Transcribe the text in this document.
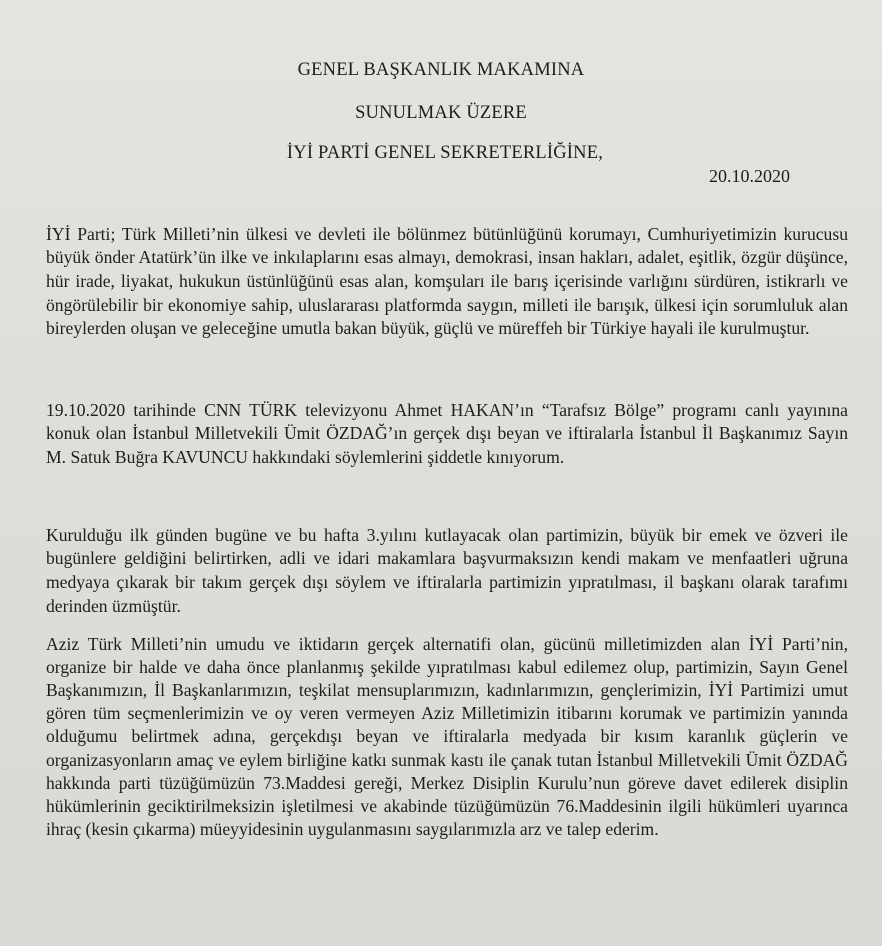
GENEL BAŞKANLIK MAKAMINA
SUNULMAK ÜZERE
İYİ PARTİ GENEL SEKRETERLİĞİNE,
20.10.2020

İYİ Parti; Türk Milleti’nin ülkesi ve devleti ile bölünmez bütünlüğünü korumayı, Cumhuriyetimizin kurucusu büyük önder Atatürk’ün ilke ve inkılaplarını esas almayı, demokrasi, insan hakları, adalet, eşitlik, özgür düşünce, hür irade, liyakat, hukukun üstünlüğünü esas alan, komşuları ile barış içerisinde varlığını sürdüren, istikrarlı ve öngörülebilir bir ekonomiye sahip, uluslararası platformda saygın, milleti ile barışık, ülkesi için sorumluluk alan bireylerden oluşan ve geleceğine umutla bakan büyük, güçlü ve müreffeh bir Türkiye hayali ile kurulmuştur.

19.10.2020 tarihinde CNN TÜRK televizyonu Ahmet HAKAN’ın “Tarafsız Bölge” programı canlı yayınına konuk olan İstanbul Milletvekili Ümit ÖZDAĞ’ın gerçek dışı beyan ve iftiralarla İstanbul İl Başkanımız Sayın M. Satuk Buğra KAVUNCU hakkındaki söylemlerini şiddetle kınıyorum.

Kurulduğu ilk günden bugüne ve bu hafta 3.yılını kutlayacak olan partimizin, büyük bir emek ve özveri ile bugünlere geldiğini belirtirken, adli ve idari makamlara başvurmaksızın kendi makam ve menfaatleri uğruna medyaya çıkarak bir takım gerçek dışı söylem ve iftiralarla partimizin yıpratılması, il başkanı olarak tarafımı derinden üzmüştür.

Aziz Türk Milleti’nin umudu ve iktidarın gerçek alternatifi olan, gücünü milletimizden alan İYİ Parti’nin, organize bir halde ve daha önce planlanmış şekilde yıpratılması kabul edilemez olup, partimizin, Sayın Genel Başkanımızın, İl Başkanlarımızın, teşkilat mensuplarımızın, kadınlarımızın, gençlerimizin, İYİ Partimizi umut gören tüm seçmenlerimizin ve oy veren vermeyen Aziz Milletimizin itibarını korumak ve partimizin yanında olduğumu belirtmek adına, gerçekdışı beyan ve iftiralarla medyada bir kısım karanlık güçlerin ve organizasyonların amaç ve eylem birliğine katkı sunmak kastı ile çanak tutan İstanbul Milletvekili Ümit ÖZDAĞ hakkında parti tüzüğümüzün 73.Maddesi gereği, Merkez Disiplin Kurulu’nun göreve davet edilerek disiplin hükümlerinin geciktirilmeksizin işletilmesi ve akabinde tüzüğümüzün 76.Maddesinin ilgili hükümleri uyarınca ihraç (kesin çıkarma) müeyyidesinin uygulanmasını saygılarımızla arz ve talep ederim.
